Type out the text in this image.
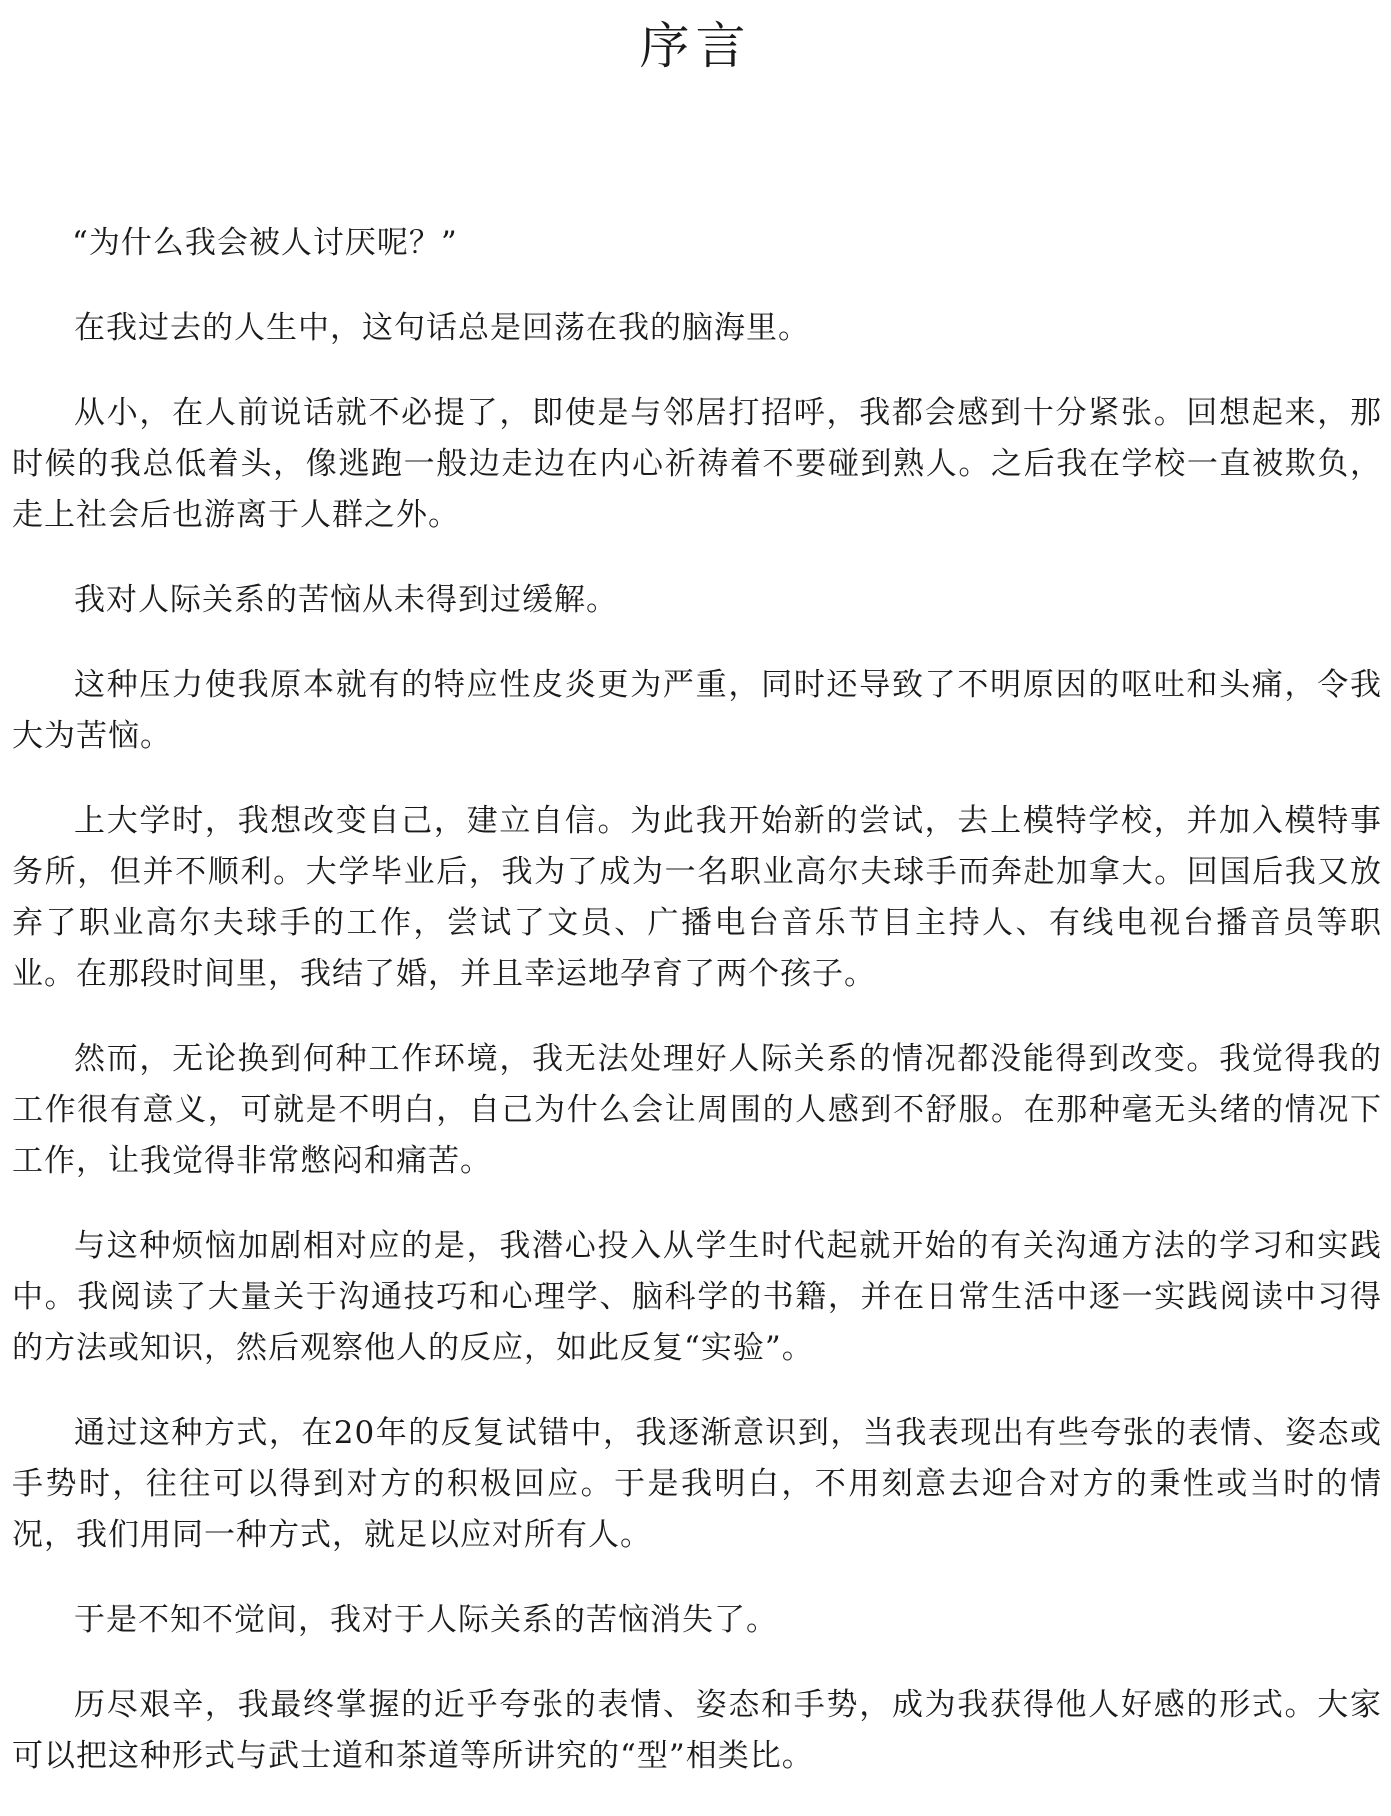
序言

“为什么我会被人讨厌呢？”

在我过去的人生中，这句话总是回荡在我的脑海里。

从小，在人前说话就不必提了，即使是与邻居打招呼，我都会感到十分紧张。回想起来，那时候的我总低着头，像逃跑一般边走边在内心祈祷着不要碰到熟人。之后我在学校一直被欺负，走上社会后也游离于人群之外。

我对人际关系的苦恼从未得到过缓解。

这种压力使我原本就有的特应性皮炎更为严重，同时还导致了不明原因的呕吐和头痛，令我大为苦恼。

上大学时，我想改变自己，建立自信。为此我开始新的尝试，去上模特学校，并加入模特事务所，但并不顺利。大学毕业后，我为了成为一名职业高尔夫球手而奔赴加拿大。回国后我又放弃了职业高尔夫球手的工作，尝试了文员、广播电台音乐节目主持人、有线电视台播音员等职业。在那段时间里，我结了婚，并且幸运地孕育了两个孩子。

然而，无论换到何种工作环境，我无法处理好人际关系的情况都没能得到改变。我觉得我的工作很有意义，可就是不明白，自己为什么会让周围的人感到不舒服。在那种毫无头绪的情况下工作，让我觉得非常憋闷和痛苦。

与这种烦恼加剧相对应的是，我潜心投入从学生时代起就开始的有关沟通方法的学习和实践中。我阅读了大量关于沟通技巧和心理学、脑科学的书籍，并在日常生活中逐一实践阅读中习得的方法或知识，然后观察他人的反应，如此反复“实验”。

通过这种方式，在20年的反复试错中，我逐渐意识到，当我表现出有些夸张的表情、姿态或手势时，往往可以得到对方的积极回应。于是我明白，不用刻意去迎合对方的秉性或当时的情况，我们用同一种方式，就足以应对所有人。

于是不知不觉间，我对于人际关系的苦恼消失了。

历尽艰辛，我最终掌握的近乎夸张的表情、姿态和手势，成为我获得他人好感的形式。大家可以把这种形式与武士道和茶道等所讲究的“型”相类比。
